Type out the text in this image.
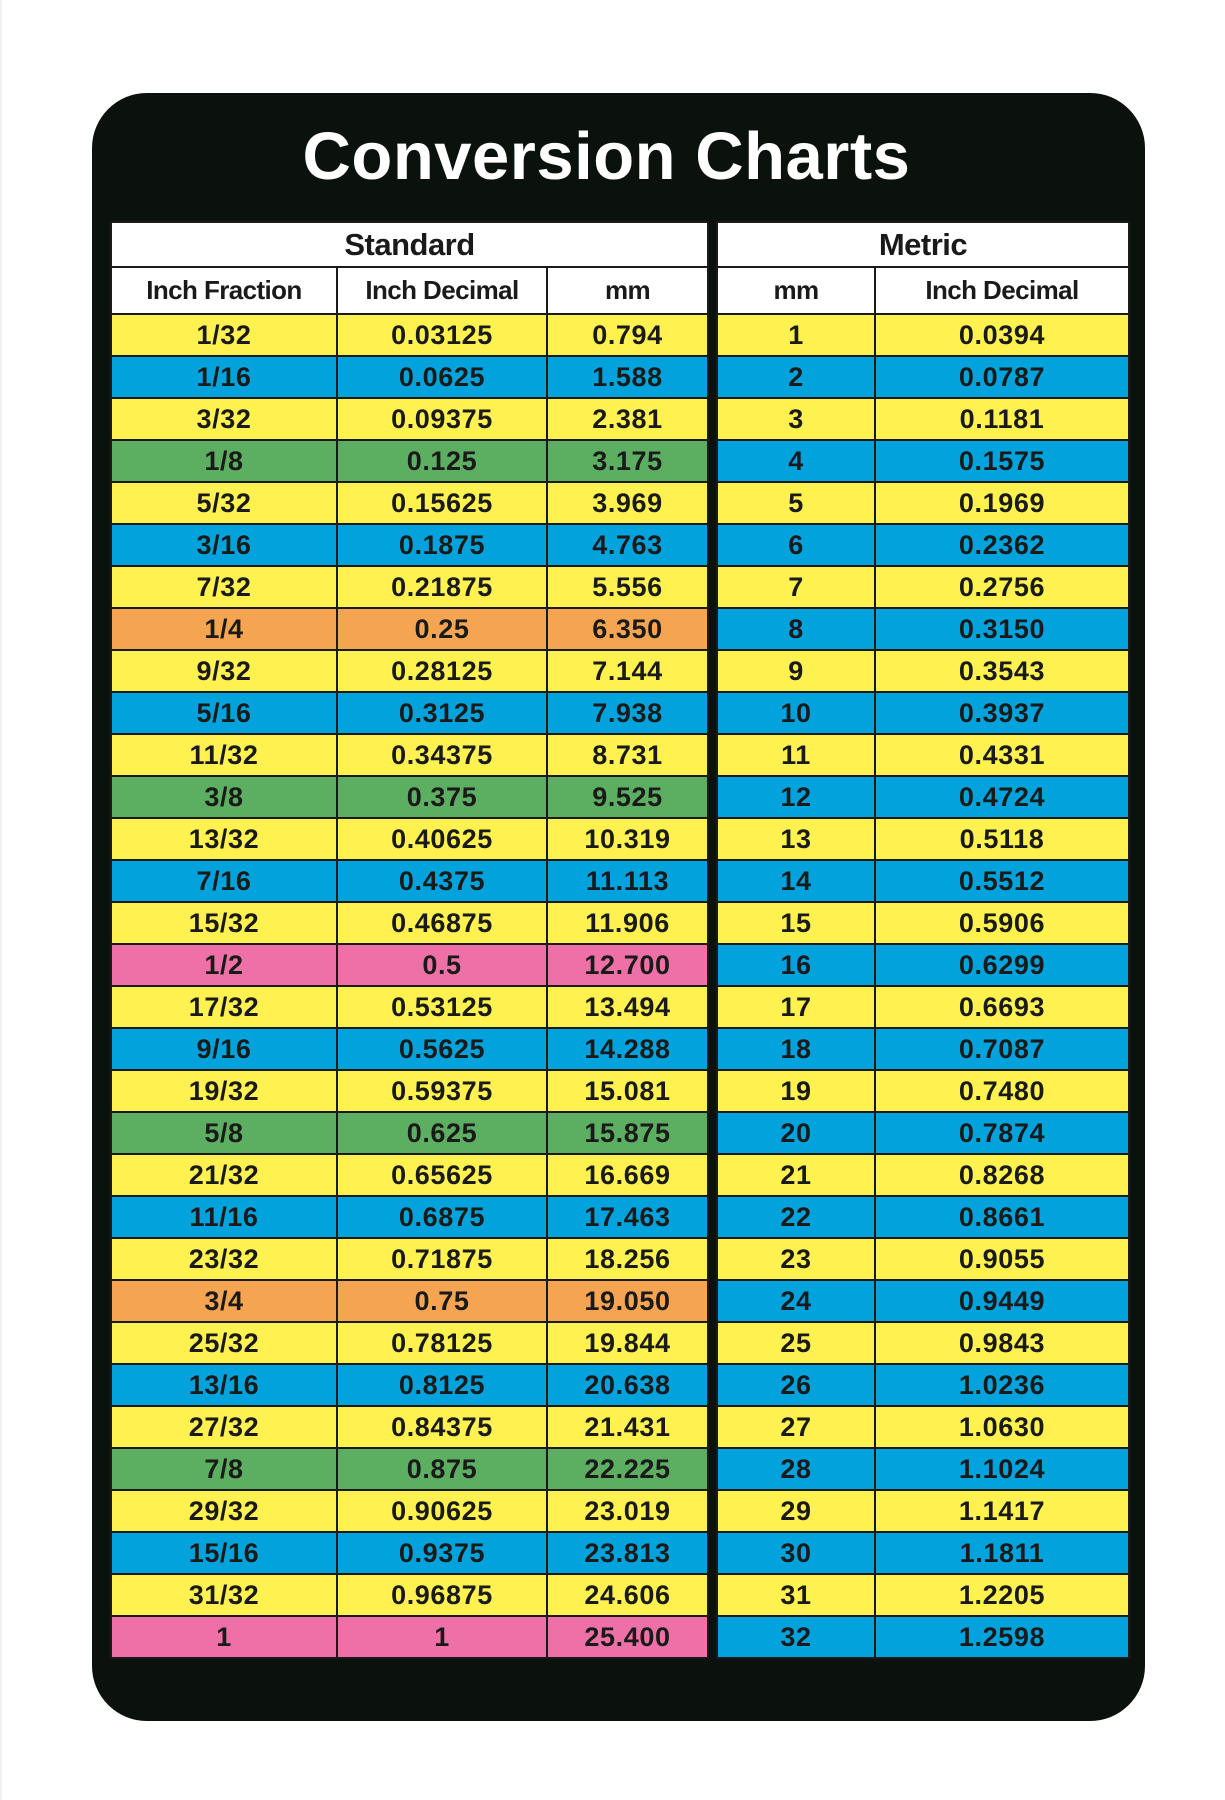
Conversion Charts
Standard		
Inch Fraction	Inch Decimal	mm
1/32	0.03125	0.794
1/16	0.0625	1.588
3/32	0.09375	2.381
1/8	0.125	3.175
5/32	0.15625	3.969
3/16	0.1875	4.763
7/32	0.21875	5.556
1/4	0.25	6.350
9/32	0.28125	7.144
5/16	0.3125	7.938
11/32	0.34375	8.731
3/8	0.375	9.525
13/32	0.40625	10.319
7/16	0.4375	11.113
15/32	0.46875	11.906
1/2	0.5	12.700
17/32	0.53125	13.494
9/16	0.5625	14.288
19/32	0.59375	15.081
5/8	0.625	15.875
21/32	0.65625	16.669
11/16	0.6875	17.463
23/32	0.71875	18.256
3/4	0.75	19.050
25/32	0.78125	19.844
13/16	0.8125	20.638
27/32	0.84375	21.431
7/8	0.875	22.225
29/32	0.90625	23.019
15/16	0.9375	23.813
31/32	0.96875	24.606
1	1	25.400
Metric	
mm	Inch Decimal
1	0.0394
2	0.0787
3	0.1181
4	0.1575
5	0.1969
6	0.2362
7	0.2756
8	0.3150
9	0.3543
10	0.3937
11	0.4331
12	0.4724
13	0.5118
14	0.5512
15	0.5906
16	0.6299
17	0.6693
18	0.7087
19	0.7480
20	0.7874
21	0.8268
22	0.8661
23	0.9055
24	0.9449
25	0.9843
26	1.0236
27	1.0630
28	1.1024
29	1.1417
30	1.1811
31	1.2205
32	1.2598
